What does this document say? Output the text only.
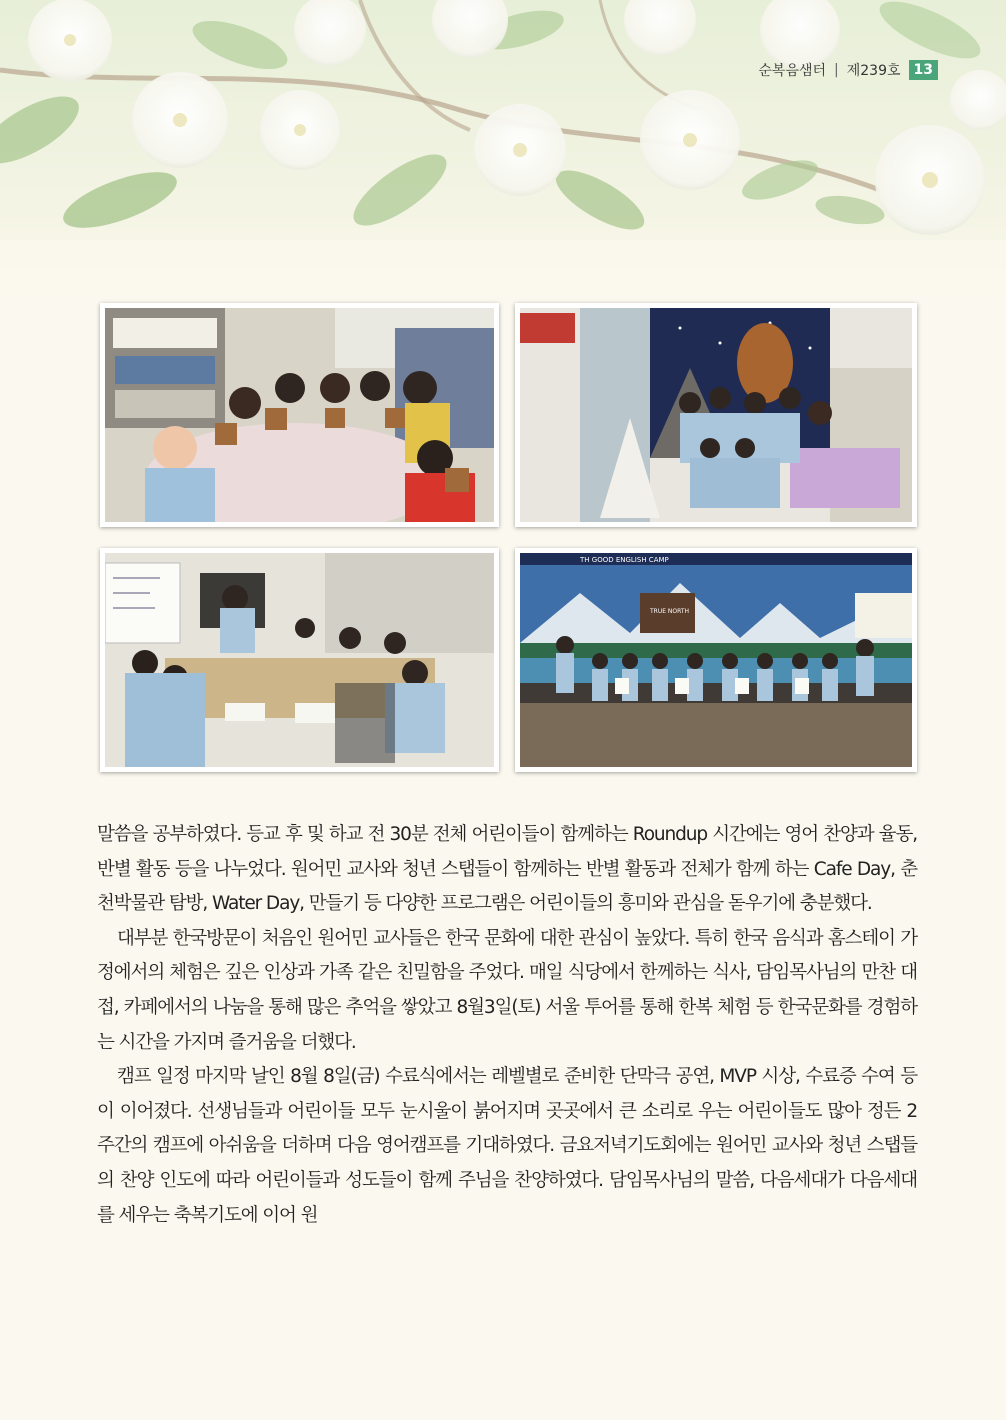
순복음샘터 | 제239호 13
TH GOOD ENGLISH CAMP
TRUE NORTH

말씀을 공부하였다. 등교 후 및 하교 전 30분 전체 어린이들이 함께하는 Roundup 시간에는 영어 찬양과 율동, 반별 활동 등을 나누었다. 원어민 교사와 청년 스탭들이 함께하는 반별 활동과 전체가 함께 하는 Cafe Day, 춘천박물관 탐방, Water Day, 만들기 등 다양한 프로그램은 어린이들의 흥미와 관심을 돋우기에 충분했다.

대부분 한국방문이 처음인 원어민 교사들은 한국 문화에 대한 관심이 높았다. 특히 한국 음식과 홈스테이 가정에서의 체험은 깊은 인상과 가족 같은 친밀함을 주었다. 매일 식당에서 한께하는 식사, 담임목사님의 만찬 대접, 카페에서의 나눔을 통해 많은 추억을 쌓았고 8월3일(토) 서울 투어를 통해 한복 체험 등 한국문화를 경험하는 시간을 가지며 즐거움을 더했다.

캠프 일정 마지막 날인 8월 8일(금) 수료식에서는 레벨별로 준비한 단막극 공연, MVP 시상, 수료증 수여 등이 이어졌다. 선생님들과 어린이들 모두 눈시울이 붉어지며 곳곳에서 큰 소리로 우는 어린이들도 많아 정든 2주간의 캠프에 아쉬움을 더하며 다음 영어캠프를 기대하였다. 금요저녁기도회에는 원어민 교사와 청년 스탭들의 찬양 인도에 따라 어린이들과 성도들이 함께 주님을 찬양하였다. 담임목사님의 말씀, 다음세대가 다음세대를 세우는 축복기도에 이어 원
